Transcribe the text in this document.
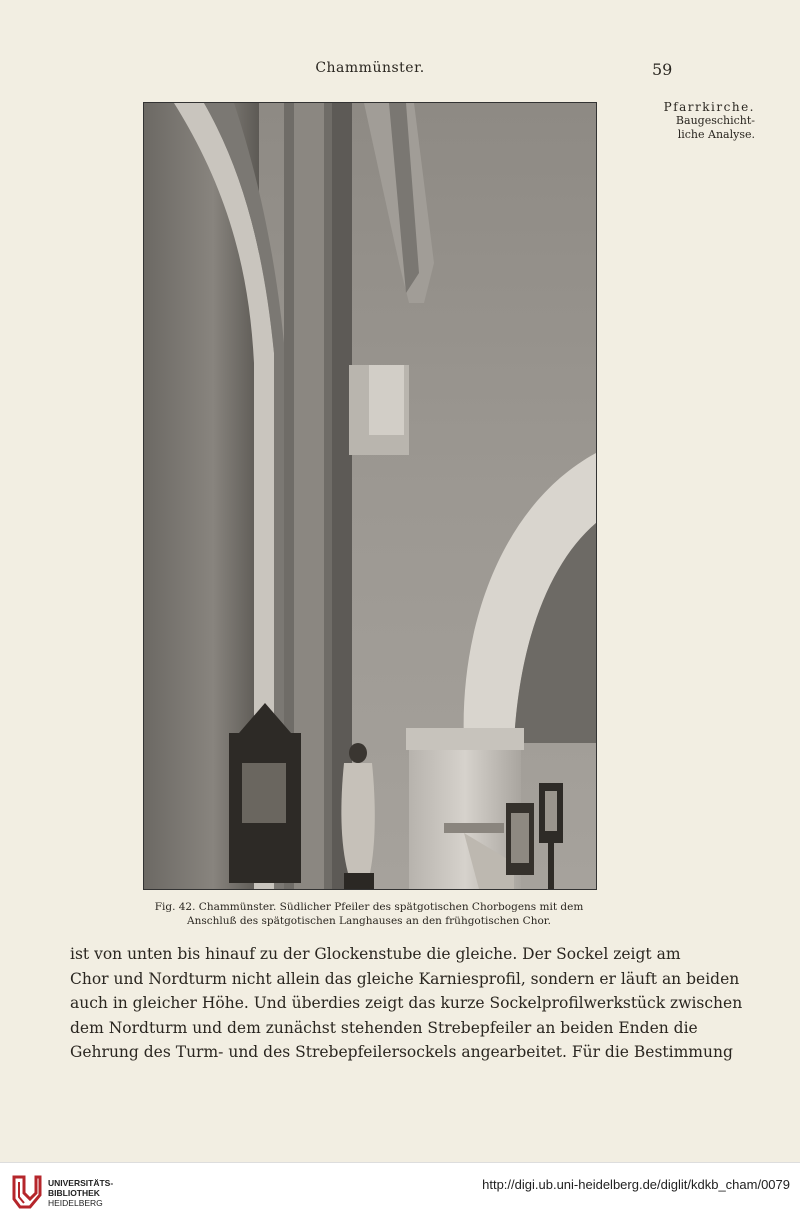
Chammünster.	59
Pfarrkirche.
Baugeschicht-
liche Analyse.
Fig. 42. Chammünster. Südlicher Pfeiler des spätgotischen Chorbogens mit dem
Anschluß des spätgotischen Langhauses an den frühgotischen Chor.
ist von unten bis hinauf zu der Glockenstube die gleiche. Der Sockel zeigt am
Chor und Nordturm nicht allein das gleiche Karniesprofil, sondern er läuft an beiden
auch in gleicher Höhe. Und überdies zeigt das kurze Sockelprofilwerkstück zwischen
dem Nordturm und dem zunächst stehenden Strebepfeiler an beiden Enden die
Gehrung des Turm- und des Strebepfeilersockels angearbeitet. Für die Bestimmung
UNIVERSITÄTS-
BIBLIOTHEK
HEIDELBERG
http://digi.ub.uni-heidelberg.de/diglit/kdkb_cham/0079
